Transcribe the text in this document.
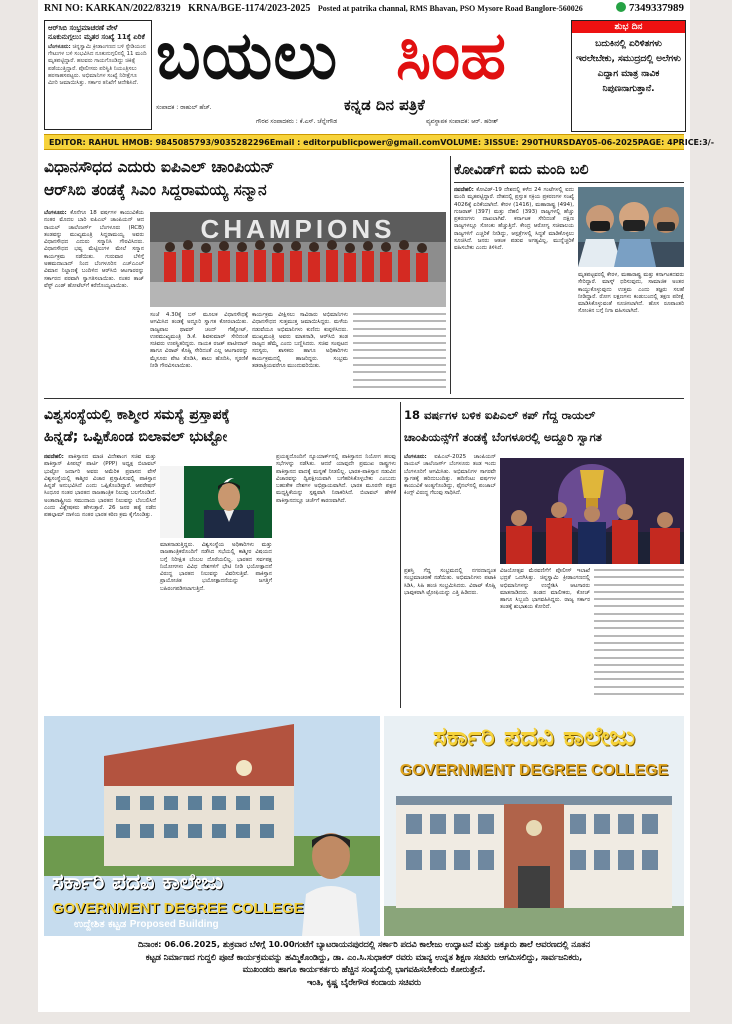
RNI NO: KARKAN/2022/83219 KRNA/BGE-1174/2023-2025 Posted at patrika channal, RMS Bhavan, PSO Mysore Road Banglore-560026	7349337989
ಆರ್‌ಸಿಬಿ ಸಂಭ್ರಮಾಚರಣೆ ವೇಳೆ ನೂಕುನುಗ್ಗಲು: ಮೃತರ ಸಂಖ್ಯೆ 11ಕ್ಕೆ ಏರಿಕೆ
ಬೆಂಗಳೂರು: ಚಿನ್ನಸ್ವಾಮಿ ಕ್ರೀಡಾಂಗಣದ ಬಳಿ ಸ್ಟೇಡಿಯಂನ ಗೇಟುಗಳ ಬಳಿ ಸಂಭವಿಸಿದ ನೂಕುನುಗ್ಗಲಿನಲ್ಲಿ 11 ಮಂದಿ ಮೃತಪಟ್ಟಿದ್ದಾರೆ. ಹಲವರು ಗಾಯಗೊಂಡಿದ್ದು ಚಿಕಿತ್ಸೆ ಪಡೆಯುತ್ತಿದ್ದಾರೆ. ಪೊಲೀಸರು ಪರಿಸ್ಥಿತಿ ನಿಯಂತ್ರಿಸಲು ಹರಸಾಹಸಪಟ್ಟರು. ಅಭಿಮಾನಿಗಳ ಸಂಖ್ಯೆ ನಿರೀಕ್ಷೆಗೂ ಮೀರಿ ಜಮಾಯಿಸಿತ್ತು. ಸರ್ಕಾರ ತನಿಖೆಗೆ ಆದೇಶಿಸಿದೆ. ಬಯಲು ಸಿಂಹ
ಕನ್ನಡ ದಿನ ಪತ್ರಿಕೆ
ಸಂಪಾದಕ : ರಾಹುಲ್ ಹೆಚ್.
ಗೌರವ ಸಂಪಾದಕರು : ಕೆ.ಎಸ್. ಚೆನ್ನೇಗೌಡ	ವ್ಯವಸ್ಥಾಪಕ ಸಂಪಾದಕ: ಆರ್. ಹರೀಶ್
ಶುಭ ದಿನ
ಬದುಕಿನಲ್ಲಿ ಏರಿಳಿತಗಳು ಇರಲೇಬೇಕು, ಸಮುದ್ರದಲ್ಲಿ ಅಲೆಗಳು ಎದ್ದಾಗ ಮಾತ್ರ ನಾವಿಕ ನಿಪುಣನಾಗುತ್ತಾನೆ.
EDITOR: RAHUL H MOB: 9845085793/9035282296 Email : editorpublicpower@gmail.com VOLUME: 3 ISSUE: 290 THURSDAY 05-06-2025 PAGE: 4 PRICE:3/-
ವಿಧಾನಸೌಧದ ಎದುರು ಐಪಿಎಲ್ ಚಾಂಪಿಯನ್
ಆರ್‌ಸಿಬಿ ತಂಡಕ್ಕೆ ಸಿಎಂ ಸಿದ್ದರಾಮಯ್ಯ ಸನ್ಮಾನ
ಬೆಂಗಳೂರು: ಕೊನೆಗೂ 18 ವರ್ಷಗಳ ಕಾಯುವಿಕೆಯ ನಂತರ ಮೊದಲ ಬಾರಿ ಐಪಿಎಲ್ ಚಾಂಪಿಯನ್ ಆದ ರಾಯಲ್ ಚಾಲೆಂಜರ್ಸ್ ಬೆಂಗಳೂರು (RCB) ತಂಡವನ್ನು ಮುಖ್ಯಮಂತ್ರಿ ಸಿದ್ದರಾಮಯ್ಯ ಅವರು ವಿಧಾನಸೌಧದ ಎದುರು ಸನ್ಮಾನಿಸಿ ಗೌರವಿಸಿದರು. ವಿಧಾನಸೌಧದ ಭವ್ಯ ಮೆಟ್ಟಿಲುಗಳ ಮೇಲೆ ಸನ್ಮಾನ ಕಾರ್ಯಕ್ರಮ ನಡೆಯಿತು. ಗುರುವಾರ ಬೆಳಿಗ್ಗೆ ಅಹಮದಾಬಾದ್ ನಿಂದ ಬೆಂಗಳೂರಿನ ಎಚ್‌ಎಎಲ್ ವಿಮಾನ ನಿಲ್ದಾಣಕ್ಕೆ ಬಂದಿಳಿದ ಆರ್‌ಸಿಬಿ ಆಟಗಾರರನ್ನು ಸರ್ಕಾರದ ಪರವಾಗಿ ಸ್ವಾಗತಿಸಲಾಯಿತು. ನಂತರ ತಾಜ್ ವೆಸ್ಟ್ ಎಂಡ್ ಹೋಟೆಲ್‌ಗೆ ಕರೆದೊಯ್ಯಲಾಯಿತು.
CHAMPIONS
ಸಂಜೆ 4.30ಕ್ಕೆ ಬಸ್ ಮೂಲಕ ವಿಧಾನಸೌಧಕ್ಕೆ ಆಗಮಿಸಿದ ತಂಡಕ್ಕೆ ಅದ್ದೂರಿ ಸ್ವಾಗತ ಕೋರಲಾಯಿತು. ರಾಜ್ಯಪಾಲ ಥಾವರ್ ಚಂದ್ ಗೆಹ್ಲೋಟ್, ಉಪಮುಖ್ಯಮಂತ್ರಿ ಡಿ.ಕೆ. ಶಿವಕುಮಾರ್ ಸೇರಿದಂತೆ ಸಚಿವರು ಉಪಸ್ಥಿತರಿದ್ದರು. ನಾಯಕ ರಜತ್ ಪಾಟೀದಾರ್ ಹಾಗೂ ವಿರಾಟ್ ಕೊಹ್ಲಿ ಸೇರಿದಂತೆ ಎಲ್ಲ ಆಟಗಾರರನ್ನು ಮೈಸೂರು ಪೇಟ ತೊಡಿಸಿ, ಶಾಲು ಹೊದಿಸಿ, ಸ್ಮರಣಿಕೆ ನೀಡಿ ಗೌರವಿಸಲಾಯಿತು.
ಕಾರ್ಯಕ್ರಮ ವೀಕ್ಷಿಸಲು ಸಾವಿರಾರು ಅಭಿಮಾನಿಗಳು ವಿಧಾನಸೌಧದ ಸುತ್ತಮುತ್ತ ಜಮಾಯಿಸಿದ್ದರು. ಮಳೆಯ ನಡುವೆಯೂ ಅಭಿಮಾನಿಗಳು ಕುಣಿದು ಕುಪ್ಪಳಿಸಿದರು. ಮುಖ್ಯಮಂತ್ರಿ ಅವರು ಮಾತನಾಡಿ, ಆರ್‌ಸಿಬಿ ತಂಡ ರಾಜ್ಯದ ಹೆಮ್ಮೆ ಎಂದು ಬಣ್ಣಿಸಿದರು. ಸಚಿವ ಸಂಪುಟದ ಸದಸ್ಯರು, ಶಾಸಕರು ಹಾಗೂ ಅಧಿಕಾರಿಗಳು ಕಾರ್ಯಕ್ರಮದಲ್ಲಿ ಹಾಜರಿದ್ದರು. ಸಂಭ್ರಮ ತಡರಾತ್ರಿಯವರೆಗೂ ಮುಂದುವರಿಯಿತು.
ಕೋವಿಡ್‌ಗೆ ಐದು ಮಂದಿ ಬಲಿ
ನವದೆಹಲಿ: ಕೋವಿಡ್-19 ದೇಶದಲ್ಲಿ ಕಳೆದ 24 ಗಂಟೆಗಳಲ್ಲಿ ಐದು ಮಂದಿ ಮೃತಪಟ್ಟಿದ್ದಾರೆ. ದೇಶದಲ್ಲಿ ಪ್ರಸ್ತುತ ಸಕ್ರಿಯ ಪ್ರಕರಣಗಳ ಸಂಖ್ಯೆ 4026ಕ್ಕೆ ಏರಿಕೆಯಾಗಿದೆ. ಕೇರಳ (1416), ಮಹಾರಾಷ್ಟ್ರ (494), ಗುಜರಾತ್ (397) ಮತ್ತು ದೆಹಲಿ (393) ರಾಜ್ಯಗಳಲ್ಲಿ ಹೆಚ್ಚು ಪ್ರಕರಣಗಳು ದಾಖಲಾಗಿವೆ. ಕರ್ನಾಟಕ ಸೇರಿದಂತೆ ದಕ್ಷಿಣ ರಾಜ್ಯಗಳಲ್ಲೂ ಸೋಂಕು ಹೆಚ್ಚುತ್ತಿದೆ. ಕೇಂದ್ರ ಆರೋಗ್ಯ ಸಚಿವಾಲಯ ರಾಜ್ಯಗಳಿಗೆ ಎಚ್ಚರಿಕೆ ನೀಡಿದ್ದು, ಆಸ್ಪತ್ರೆಗಳಲ್ಲಿ ಸಿದ್ಧತೆ ಮಾಡಿಕೊಳ್ಳಲು ಸೂಚಿಸಿದೆ. ಜನರು ಆತಂಕ ಪಡುವ ಅಗತ್ಯವಿಲ್ಲ, ಮುನ್ನೆಚ್ಚರಿಕೆ ವಹಿಸಬೇಕು ಎಂದು ತಿಳಿಸಿದೆ.
ಮೃತಪಟ್ಟವರಲ್ಲಿ ಕೇರಳ, ಮಹಾರಾಷ್ಟ್ರ ಮತ್ತು ಕರ್ನಾಟಕದವರು ಸೇರಿದ್ದಾರೆ. ಮಾಸ್ಕ್ ಧರಿಸುವುದು, ಸಾಮಾಜಿಕ ಅಂತರ ಕಾಯ್ದುಕೊಳ್ಳುವುದು ಉತ್ತಮ ಎಂದು ತಜ್ಞರು ಸಲಹೆ ನೀಡಿದ್ದಾರೆ. ರೋಗ ಲಕ್ಷಣಗಳು ಕಂಡುಬಂದಲ್ಲಿ ತಕ್ಷಣ ಪರೀಕ್ಷೆ ಮಾಡಿಸಿಕೊಳ್ಳುವಂತೆ ಸೂಚಿಸಲಾಗಿದೆ. ಹೊಸ ರೂಪಾಂತರಿ ಸೋಂಕಿನ ಬಗ್ಗೆ ನಿಗಾ ವಹಿಸಲಾಗಿದೆ.
ವಿಶ್ವಸಂಸ್ಥೆಯಲ್ಲಿ ಕಾಶ್ಮೀರ ಸಮಸ್ಯೆ ಪ್ರಸ್ತಾಪಕ್ಕೆ
ಹಿನ್ನಡೆ; ಒಪ್ಪಿಕೊಂಡ ಬಿಲಾವಲ್ ಭುಟ್ಟೋ
ನವದೆಹಲಿ: ಪಾಕಿಸ್ತಾನದ ಮಾಜಿ ವಿದೇಶಾಂಗ ಸಚಿವ ಮತ್ತು ಪಾಕಿಸ್ತಾನ್ ಪೀಪಲ್ಸ್ ಪಾರ್ಟಿ (PPP) ಅಧ್ಯಕ್ಷ ಬಿಲಾವಲ್ ಭುಟ್ಟೋ ಜರ್ದಾರಿ ಅವರು ಅಮೆರಿಕ ಪ್ರವಾಸದ ವೇಳೆ ವಿಶ್ವಸಂಸ್ಥೆಯಲ್ಲಿ ಕಾಶ್ಮೀರ ವಿಚಾರ ಪ್ರಸ್ತಾಪಿಸುವಲ್ಲಿ ಪಾಕಿಸ್ತಾನ ಹಿನ್ನಡೆ ಅನುಭವಿಸಿದೆ ಎಂದು ಒಪ್ಪಿಕೊಂಡಿದ್ದಾರೆ. ಆಪರೇಷನ್ ಸಿಂಧೂರ ನಂತರ ಭಾರತದ ರಾಜತಾಂತ್ರಿಕ ನಿಲುವು ಬಲಗೊಂಡಿದೆ. ಅಂತಾರಾಷ್ಟ್ರೀಯ ಸಮುದಾಯ ಭಾರತದ ನಿಲುವನ್ನು ಬೆಂಬಲಿಸಿದೆ ಎಂದು ವಿಶ್ಲೇಷಕರು ಹೇಳುತ್ತಾರೆ. 26 ಜನರ ಹತ್ಯೆ ನಡೆದ ಪಹಲ್ಗಾಮ್ ದಾಳಿಯ ನಂತರ ಭಾರತ ಕಠಿಣ ಕ್ರಮ ಕೈಗೊಂಡಿತ್ತು.
ಮಾತನಾಡುತ್ತಿದ್ದರು. ವಿಶ್ವಸಂಸ್ಥೆಯ ಅಧಿಕಾರಿಗಳು ಮತ್ತು ರಾಜತಾಂತ್ರಿಕರೊಂದಿಗೆ ನಡೆಸಿದ ಸಭೆಯಲ್ಲಿ ಕಾಶ್ಮೀರ ವಿಷಯದ ಬಗ್ಗೆ ನಿರೀಕ್ಷಿತ ಬೆಂಬಲ ದೊರೆಯಲಿಲ್ಲ. ಭಾರತದ ಸರ್ವಪಕ್ಷ ನಿಯೋಗಗಳು ವಿವಿಧ ದೇಶಗಳಿಗೆ ಭೇಟಿ ನೀಡಿ ಭಯೋತ್ಪಾದನೆ ವಿರುದ್ಧ ಭಾರತದ ನಿಲುವನ್ನು ವಿವರಿಸುತ್ತಿವೆ. ಪಾಕಿಸ್ತಾನ ಪ್ರಾಯೋಜಿತ ಭಯೋತ್ಪಾದನೆಯನ್ನು ಜಗತ್ತಿಗೆ ಬಹಿರಂಗಪಡಿಸಲಾಗುತ್ತಿದೆ.
ಪ್ರಯತ್ನದೊಂದಿಗೆ ನ್ಯೂಯಾರ್ಕ್‌ನಲ್ಲಿ ಪಾಕಿಸ್ತಾನದ ನಿಯೋಗ ಹಲವು ಸಭೆಗಳನ್ನು ನಡೆಸಿತು. ಆದರೆ ಯಾವುದೇ ಪ್ರಮುಖ ರಾಷ್ಟ್ರಗಳು ಪಾಕಿಸ್ತಾನದ ವಾದಕ್ಕೆ ಮನ್ನಣೆ ನೀಡಲಿಲ್ಲ. ಭಾರತ-ಪಾಕಿಸ್ತಾನ ನಡುವಿನ ವಿಚಾರವನ್ನು ದ್ವಿಪಕ್ಷೀಯವಾಗಿ ಬಗೆಹರಿಸಿಕೊಳ್ಳಬೇಕು ಎಂಬುದು ಬಹುತೇಕ ದೇಶಗಳ ಅಭಿಪ್ರಾಯವಾಗಿದೆ. ಭಾರತ ಮೂರನೇ ಪಕ್ಷದ ಮಧ್ಯಸ್ಥಿಕೆಯನ್ನು ಸ್ಪಷ್ಟವಾಗಿ ನಿರಾಕರಿಸಿದೆ. ಬಿಲಾವಲ್ ಹೇಳಿಕೆ ಪಾಕಿಸ್ತಾನದಲ್ಲೂ ಚರ್ಚೆಗೆ ಕಾರಣವಾಗಿದೆ.
18 ವರ್ಷಗಳ ಬಳಿಕ ಐಪಿಎಲ್ ಕಪ್ ಗೆದ್ದ ರಾಯಲ್
ಚಾಂಪಿಯನ್ಸ್‌ಗೆ ತಂಡಕ್ಕೆ ಬೆಂಗಳೂರಲ್ಲಿ ಅದ್ದೂರಿ ಸ್ವಾಗತ
ಬೆಂಗಳೂರು: ಐಪಿಎಲ್-2025 ಚಾಂಪಿಯನ್ ರಾಯಲ್ ಚಾಲೆಂಜರ್ಸ್ ಬೆಂಗಳೂರು ತಂಡ ಇಂದು ಬೆಂಗಳೂರಿಗೆ ಆಗಮಿಸಿತು. ಅಭಿಮಾನಿಗಳ ಸಾಗರವೇ ಸ್ವಾಗತಕ್ಕೆ ಹರಿದುಬಂದಿತ್ತು. ಹದಿನೆಂಟು ವರ್ಷಗಳ ಕಾಯುವಿಕೆ ಅಂತ್ಯಗೊಂಡಿದ್ದು, ಫೈನಲ್‌ನಲ್ಲಿ ಪಂಜಾಬ್ ಕಿಂಗ್ಸ್ ವಿರುದ್ಧ ಗೆಲುವು ಸಾಧಿಸಿದೆ.
ಪ್ರಶಸ್ತಿ ಗೆದ್ದ ಸಂಭ್ರಮದಲ್ಲಿ ನಗರದಾದ್ಯಂತ ಸಂಭ್ರಮಾಚರಣೆ ನಡೆಯಿತು. ಅಭಿಮಾನಿಗಳು ಪಟಾಕಿ ಸಿಡಿಸಿ, ಸಿಹಿ ಹಂಚಿ ಸಂಭ್ರಮಿಸಿದರು. ವಿರಾಟ್ ಕೊಹ್ಲಿ ಭಾವುಕರಾಗಿ ಟ್ರೋಫಿಯನ್ನು ಎತ್ತಿ ಹಿಡಿದರು.
ವಿಜಯೋತ್ಸವ ಮೆರವಣಿಗೆಗೆ ಪೊಲೀಸ್ ಇಲಾಖೆ ಭದ್ರತೆ ಒದಗಿಸಿತ್ತು. ಚಿನ್ನಸ್ವಾಮಿ ಕ್ರೀಡಾಂಗಣದಲ್ಲಿ ಅಭಿಮಾನಿಗಳನ್ನು ಉದ್ದೇಶಿಸಿ ಆಟಗಾರರು ಮಾತನಾಡಿದರು. ತಂಡದ ಮಾಲೀಕರು, ಕೋಚ್ ಹಾಗೂ ಸಿಬ್ಬಂದಿ ಭಾಗವಹಿಸಿದ್ದರು. ರಾಜ್ಯ ಸರ್ಕಾರ ತಂಡಕ್ಕೆ ಶುಭಾಶಯ ಕೋರಿದೆ.
ಸರ್ಕಾರಿ ಪದವಿ ಕಾಲೇಜು
GOVERNMENT DEGREE COLLEGE
ಉದ್ದೇಶಿತ ಕಟ್ಟಡ Proposed Building
ಸರ್ಕಾರಿ ಪದವಿ ಕಾಲೇಜು
GOVERNMENT DEGREE COLLEGE
ದಿನಾಂಕ: 06.06.2025, ಶುಕ್ರವಾರ ಬೆಳಿಗ್ಗೆ 10.00ಗಂಟೆಗೆ ಬ್ಯಾಟರಾಯನಪುರದಲ್ಲಿ ಸರ್ಕಾರಿ ಪದವಿ ಕಾಲೇಜು ಉದ್ಘಾಟನೆ ಮತ್ತು ಜಕ್ಕೂರು ಶಾಲೆ ಆವರಣದಲ್ಲಿ ನೂತನ
ಕಟ್ಟಡ ನಿರ್ಮಾಣದ ಗುದ್ದಲಿ ಪೂಜೆ ಕಾರ್ಯಕ್ರಮವನ್ನು ಹಮ್ಮಿಕೊಂಡಿದ್ದು, ಡಾ. ಎಂ.ಸಿ.ಸುಧಾಕರ್ ರವರು ಮಾನ್ಯ ಉನ್ನತ ಶಿಕ್ಷಣ ಸಚಿವರು ಆಗಮಿಸಲಿದ್ದು, ಸಾರ್ವಜನಿಕರು,
ಮುಖಂಡರು ಹಾಗೂ ಕಾರ್ಯಕರ್ತರು ಹೆಚ್ಚಿನ ಸಂಖ್ಯೆಯಲ್ಲಿ ಭಾಗವಹಿಸಬೇಕೆಂದು ಕೋರುತ್ತೇನೆ.
ಇಂತಿ, ಕೃಷ್ಣ ಬೈರೇಗೌಡ ಕಂದಾಯ ಸಚಿವರು
